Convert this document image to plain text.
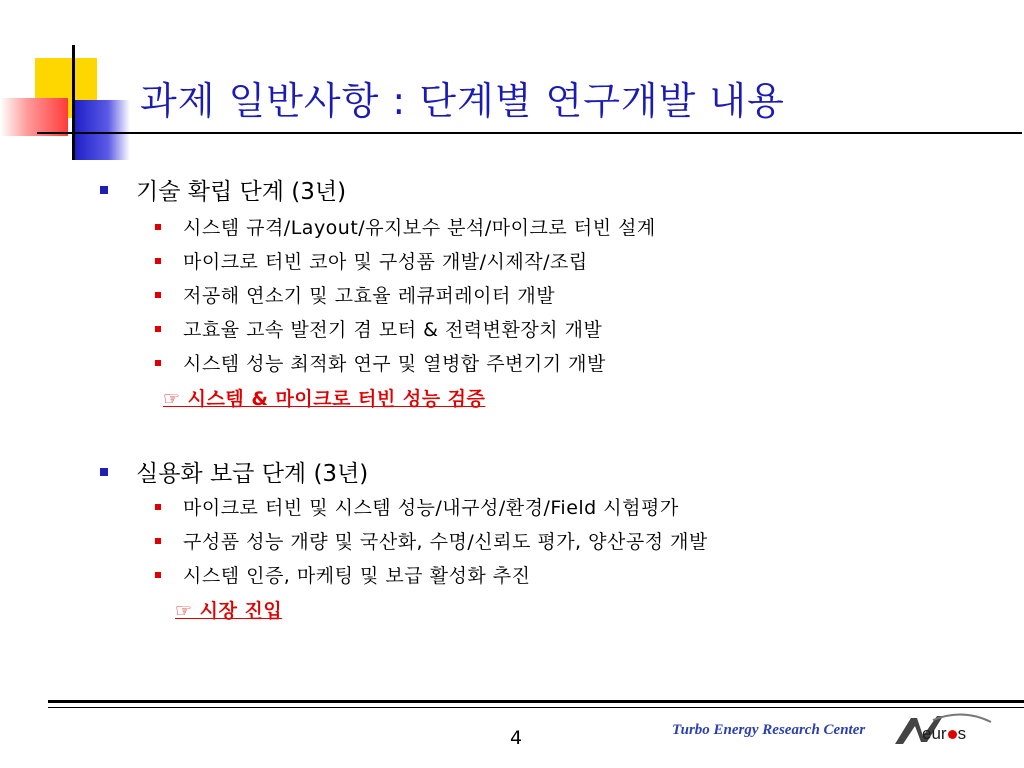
과제 일반사항 : 단계별 연구개발 내용
기술 확립 단계 (3년)
시스템 규격/Layout/유지보수 분석/마이크로 터빈 설계
마이크로 터빈 코아 및 구성품 개발/시제작/조립
저공해 연소기 및 고효율 레큐퍼레이터 개발
고효율 고속 발전기 겸 모터 & 전력변환장치 개발
시스템 성능 최적화 연구 및 열병합 주변기기 개발
☞ 시스템 & 마이크로 터빈 성능 검증
실용화 보급 단계 (3년)
마이크로 터빈 및 시스템 성능/내구성/환경/Field 시험평가
구성품 성능 개량 및 국산화, 수명/신뢰도 평가, 양산공정 개발
시스템 인증, 마케팅 및 보급 활성화 추진
☞ 시장 진입
4	Turbo Energy Research Center	eur s
